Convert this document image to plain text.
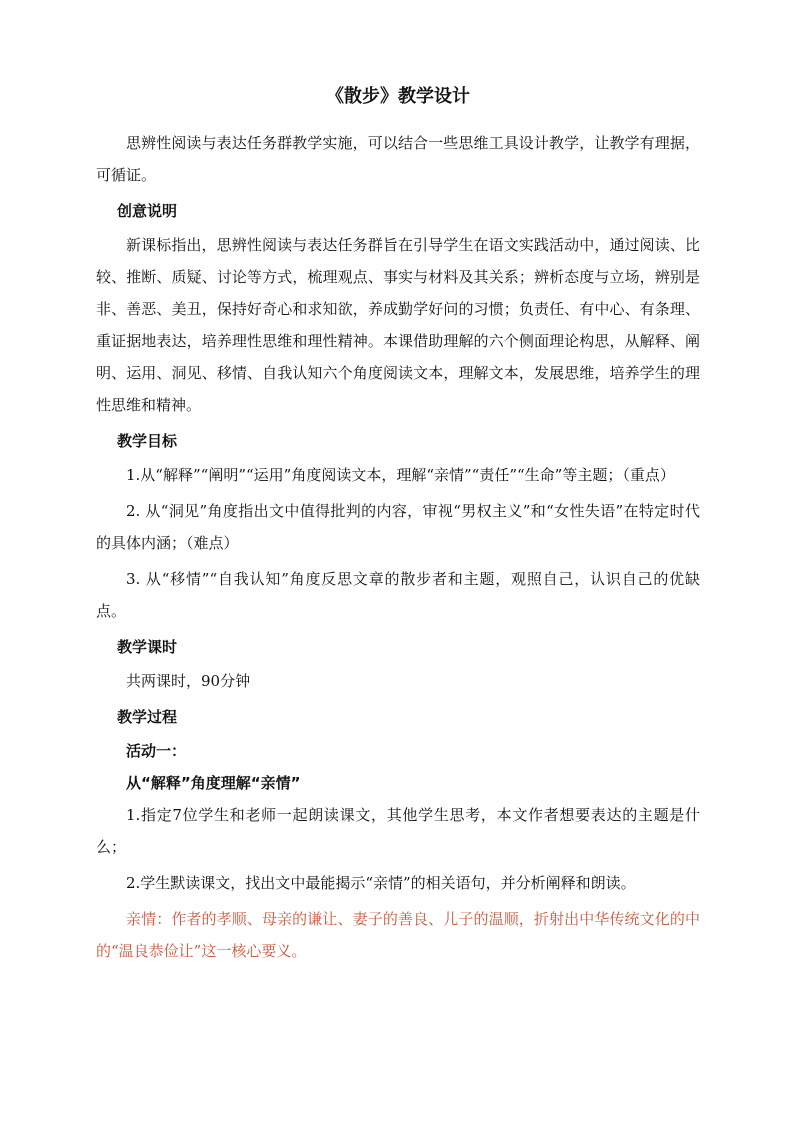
《散步》教学设计

思辨性阅读与表达任务群教学实施，可以结合一些思维工具设计教学，让教学有理据，可循证。

创意说明

新课标指出，思辨性阅读与表达任务群旨在引导学生在语文实践活动中，通过阅读、比较、推断、质疑、讨论等方式，梳理观点、事实与材料及其关系；辨析态度与立场，辨别是非、善恶、美丑，保持好奇心和求知欲，养成勤学好问的习惯；负责任、有中心、有条理、重证据地表达，培养理性思维和理性精神。本课借助理解的六个侧面理论构思，从解释、阐明、运用、洞见、移情、自我认知六个角度阅读文本，理解文本，发展思维，培养学生的理性思维和精神。

教学目标

1.从“解释”“阐明”“运用”角度阅读文本，理解“亲情”“责任”“生命”等主题；（重点）

2. 从“洞见”角度指出文中值得批判的内容，审视“男权主义”和“女性失语”在特定时代的具体内涵；（难点）

3. 从“移情”“自我认知”角度反思文章的散步者和主题，观照自己，认识自己的优缺点。

教学课时

共两课时，90分钟

教学过程
活动一：
从“解释”角度理解“亲情”

1.指定7位学生和老师一起朗读课文，其他学生思考，本文作者想要表达的主题是什么；

2.学生默读课文，找出文中最能揭示“亲情”的相关语句，并分析阐释和朗读。

亲情：作者的孝顺、母亲的谦让、妻子的善良、儿子的温顺，折射出中华传统文化的中的“温良恭俭让”这一核心要义。
